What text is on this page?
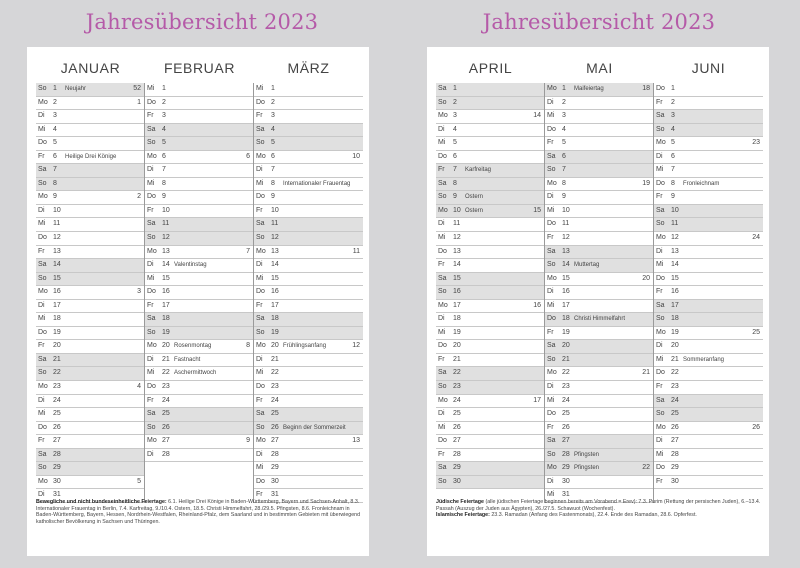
Jahresübersicht 2023	Jahresübersicht 2023
JANUAR	FEBRUAR	MÄRZ
So 1 Neujahr	52
Mo 2	1
Di 3
Mi 4
Do 5
Fr 6 Heilige Drei Könige
Sa 7
So 8
Mo 9	2
Di 10
Mi 11
Do 12
Fr 13
Sa 14
So 15
Mo 16	3
Di 17
Mi 18
Do 19
Fr 20
Sa 21
So 22
Mo 23	4
Di 24
Mi 25
Do 26
Fr 27
Sa 28
So 29
Mo 30	5
Di 31
Mi 1
Do 2
Fr 3
Sa 4
So 5
Mo 6	6
Di 7
Mi 8
Do 9
Fr 10
Sa 11
So 12
Mo 13	7
Di 14 Valentinstag
Mi 15
Do 16
Fr 17
Sa 18
So 19
Mo 20 Rosenmontag	8
Di 21 Fastnacht
Mi 22 Aschermittwoch
Do 23
Fr 24
Sa 25
So 26
Mo 27	9
Di 28
Mi 1
Do 2
Fr 3
Sa 4
So 5
Mo 6	10
Di 7
Mi 8 Internationaler Frauentag
Do 9
Fr 10
Sa 11
So 12
Mo 13	11
Di 14
Mi 15
Do 16
Fr 17
Sa 18
So 19
Mo 20 Frühlingsanfang	12
Di 21
Mi 22
Do 23
Fr 24
Sa 25
So 26 Beginn der Sommerzeit
Mo 27	13
Di 28
Mi 29
Do 30
Fr 31
Bewegliche und nicht bundeseinheitliche Feiertage: 6.1. Heilige Drei Könige in Baden-Württemberg, Bayern und Sachsen-Anhalt, 8.3. Internationaler Frauentag in Berlin, 7.4. Karfreitag, 9./10.4. Ostern, 18.5. Christi Himmelfahrt, 28./29.5. Pfingsten, 8.6. Fronleichnam in Baden-Württemberg, Bayern, Hessen, Nordrhein-Westfalen, Rheinland-Pfalz, dem Saarland und in bestimmten Gebieten mit überwiegend katholischer Bevölkerung in Sachsen und Thüringen.
APRIL	MAI	JUNI
Sa 1
So 2
Mo 3	14
Di 4
Mi 5
Do 6
Fr 7 Karfreitag
Sa 8
So 9 Ostern
Mo 10 Ostern	15
Di 11
Mi 12
Do 13
Fr 14
Sa 15
So 16
Mo 17	16
Di 18
Mi 19
Do 20
Fr 21
Sa 22
So 23
Mo 24	17
Di 25
Mi 26
Do 27
Fr 28
Sa 29
So 30
Mo 1 Maifeiertag	18
Di 2
Mi 3
Do 4
Fr 5
Sa 6
So 7
Mo 8	19
Di 9
Mi 10
Do 11
Fr 12
Sa 13
So 14 Muttertag
Mo 15	20
Di 16
Mi 17
Do 18 Christi Himmelfahrt
Fr 19
Sa 20
So 21
Mo 22	21
Di 23
Mi 24
Do 25
Fr 26
Sa 27
So 28 Pfingsten
Mo 29 Pfingsten	22
Di 30
Mi 31
Do 1
Fr 2
Sa 3
So 4
Mo 5	23
Di 6
Mi 7
Do 8 Fronleichnam
Fr 9
Sa 10
So 11
Mo 12	24
Di 13
Mi 14
Do 15
Fr 16
Sa 17
So 18
Mo 19	25
Di 20
Mi 21 Sommeranfang
Do 22
Fr 23
Sa 24
So 25
Mo 26	26
Di 27
Mi 28
Do 29
Fr 30
Jüdische Feiertage (alle jüdischen Feiertage beginnen bereits am Vorabend = Erev): 7.3. Purim (Rettung der persischen Juden), 6.–13.4. Passah (Auszug der Juden aus Ägypten), 26./27.5. Schawuot (Wochenfest).
Islamische Feiertage: 23.3. Ramadan (Anfang des Fastenmonats), 22.4. Ende des Ramadan, 28.6. Opferfest.
